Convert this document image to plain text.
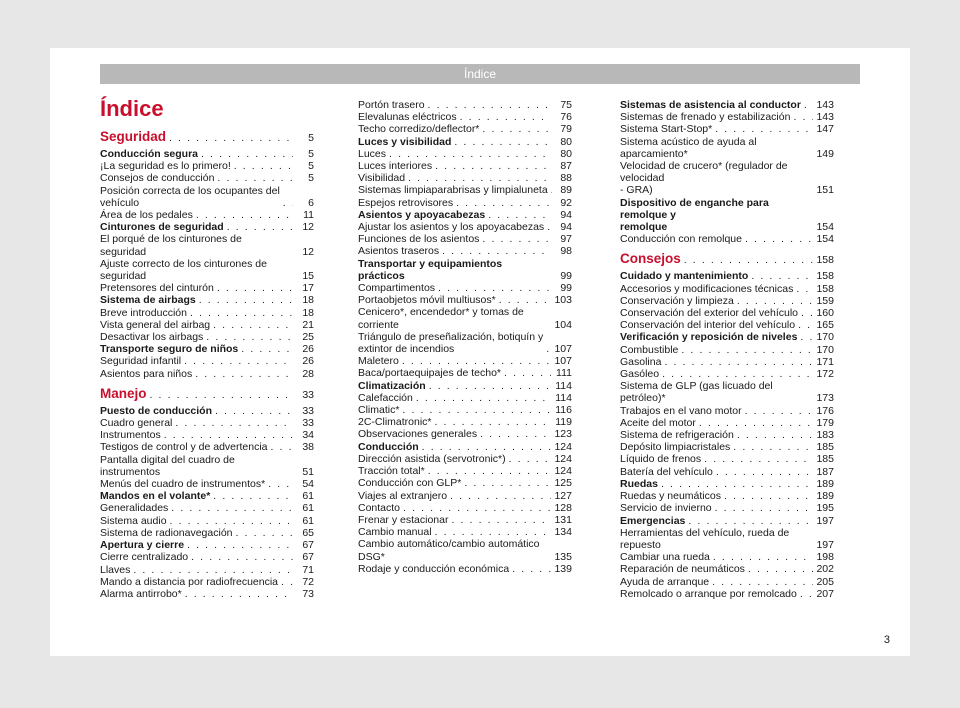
Índice
Índice
Seguridad . . .	5
Conducción segura . . .	5
¡La seguridad es lo primero! . . .	5
Consejos de conducción . . .	5
Posición correcta de los ocupantes del
vehículo . . .	6
Área de los pedales . . .	11
Cinturones de seguridad . . .	12
El porqué de los cinturones de seguridad	12
Ajuste correcto de los cinturones de seguridad	15
Pretensores del cinturón . . .	17
Sistema de airbags . . .	18
Breve introducción . . .	18
Vista general del airbag . . .	21
Desactivar los airbags . . .	25
Transporte seguro de niños . . .	26
Seguridad infantil . . .	26
Asientos para niños . . .	28
Manejo . . .	33
Puesto de conducción . . .	33
Cuadro general . . .	33
Instrumentos . . .	34
Testigos de control y de advertencia . . .	38
Pantalla digital del cuadro de instrumentos	51
Menús del cuadro de instrumentos* . . .	54
Mandos en el volante* . . .	61
Generalidades . . .	61
Sistema audio . . .	61
Sistema de radionavegación . . .	65
Apertura y cierre . . .	67
Cierre centralizado . . .	67
Llaves . . .	71
Mando a distancia por radiofrecuencia . . .	72
Alarma antirrobo* . . .	73
Portón trasero . . .	75
Elevalunas eléctricos . . .	76
Techo corredizo/deflector* . . .	79
Luces y visibilidad . . .	80
Luces . . .	80
Luces interiores . . .	87
Visibilidad . . .	88
Sistemas limpiaparabrisas y limpialuneta . . .	89
Espejos retrovisores . . .	92
Asientos y apoyacabezas . . .	94
Ajustar los asientos y los apoyacabezas . . .	94
Funciones de los asientos . . .	97
Asientos traseros . . .	98
Transportar y equipamientos prácticos	99
Compartimentos . . .	99
Portaobjetos móvil multiusos* . . .	103
Cenicero*, encendedor* y tomas de corriente	104
Triángulo de preseñalización, botiquín y
extintor de incendios . . .	107
Maletero . . .	107
Baca/portaequipajes de techo* . . .	111
Climatización . . .	114
Calefacción . . .	114
Climatic* . . .	116
2C-Climatronic* . . .	119
Observaciones generales . . .	123
Conducción . . .	124
Dirección asistida (servotronic*) . . .	124
Tracción total* . . .	124
Conducción con GLP* . . .	125
Viajes al extranjero . . .	127
Contacto . . .	128
Frenar y estacionar . . .	131
Cambio manual . . .	134
Cambio automático/cambio automático DSG*	135
Rodaje y conducción económica . . .	139
Sistemas de asistencia al conductor . . . 143
Sistemas de frenado y estabilización . . . 143
Sistema Start-Stop* . . .	147
Sistema acústico de ayuda al aparcamiento*	149
Velocidad de crucero* (regulador de velocidad
- GRA)	151
Dispositivo de enganche para remolque y
remolque	154
Conducción con remolque . . .	154
Consejos . . .	158
Cuidado y mantenimiento . . .	158
Accesorios y modificaciones técnicas . . . 158
Conservación y limpieza . . .	159
Conservación del exterior del vehículo . . . 160
Conservación del interior del vehículo . . . 165
Verificación y reposición de niveles . . . 170
Combustible . . .	170
Gasolina . . .	171
Gasóleo . . .	172
Sistema de GLP (gas licuado del petróleo)*	173
Trabajos en el vano motor . . .	176
Aceite del motor . . .	179
Sistema de refrigeración . . .	183
Depósito limpiacristales . . .	185
Líquido de frenos . . .	185
Batería del vehículo . . .	187
Ruedas . . .	189
Ruedas y neumáticos . . .	189
Servicio de invierno . . .	195
Emergencias . . .	197
Herramientas del vehículo, rueda de repuesto	197
Cambiar una rueda . . .	198
Reparación de neumáticos . . .	202
Ayuda de arranque . . .	205
Remolcado o arranque por remolcado . . . 207
3
